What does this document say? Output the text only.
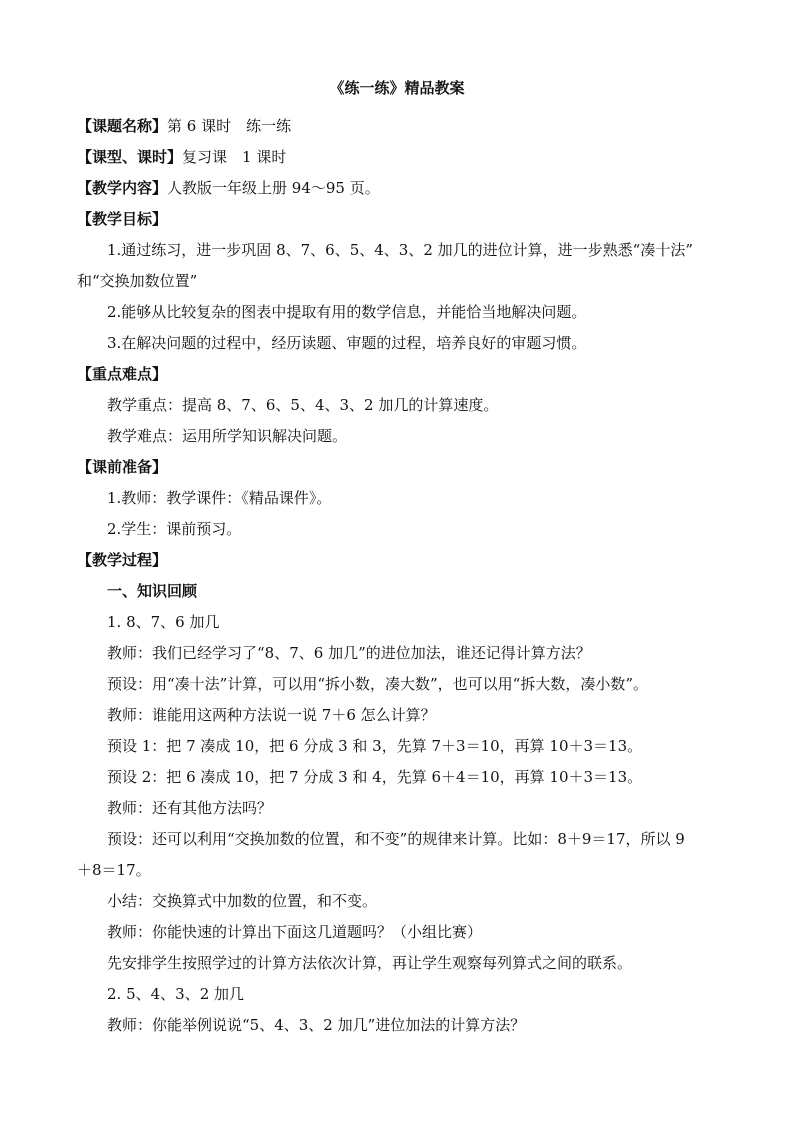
《练一练》精品教案
【课题名称】第 6 课时　练一练
【课型、课时】复习课　1 课时
【教学内容】人教版一年级上册 94～95 页。
【教学目标】
1.通过练习，进一步巩固 8、7、6、5、4、3、2 加几的进位计算，进一步熟悉“凑十法”
和“交换加数位置”
2.能够从比较复杂的图表中提取有用的数学信息，并能恰当地解决问题。
3.在解决问题的过程中，经历读题、审题的过程，培养良好的审题习惯。
【重点难点】
教学重点：提高 8、7、6、5、4、3、2 加几的计算速度。
教学难点：运用所学知识解决问题。
【课前准备】
1.教师：教学课件：《精品课件》。
2.学生：课前预习。
【教学过程】
一、知识回顾
1. 8、7、6 加几
教师：我们已经学习了“8、7、6 加几”的进位加法，谁还记得计算方法？
预设：用“凑十法”计算，可以用“拆小数，凑大数”，也可以用“拆大数，凑小数”。
教师：谁能用这两种方法说一说 7＋6 怎么计算？
预设 1：把 7 凑成 10，把 6 分成 3 和 3，先算 7＋3＝10，再算 10＋3＝13。
预设 2：把 6 凑成 10，把 7 分成 3 和 4，先算 6＋4＝10，再算 10＋3＝13。
教师：还有其他方法吗？
预设：还可以利用“交换加数的位置，和不变”的规律来计算。比如：8＋9＝17，所以 9
＋8＝17。
小结：交换算式中加数的位置，和不变。
教师：你能快速的计算出下面这几道题吗？（小组比赛）
先安排学生按照学过的计算方法依次计算，再让学生观察每列算式之间的联系。
2. 5、4、3、2 加几
教师：你能举例说说“5、4、3、2 加几”进位加法的计算方法？
